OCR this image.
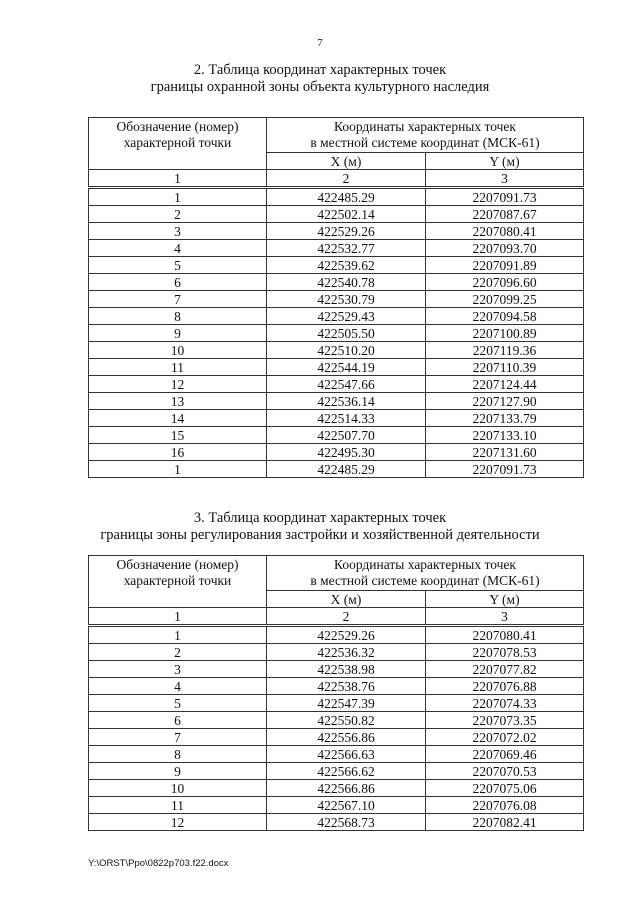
7
2. Таблица координат характерных точек
границы охранной зоны объекта культурного наследия
Обозначение (номер) характерной точки	Координаты характерных точек
в местной системе координат (МСК-61)	

	X (м)	Y (м)
1	2	3
1	422485.29	2207091.73
2	422502.14	2207087.67
3	422529.26	2207080.41
4	422532.77	2207093.70
5	422539.62	2207091.89
6	422540.78	2207096.60
7	422530.79	2207099.25
8	422529.43	2207094.58
9	422505.50	2207100.89
10	422510.20	2207119.36
11	422544.19	2207110.39
12	422547.66	2207124.44
13	422536.14	2207127.90
14	422514.33	2207133.79
15	422507.70	2207133.10
16	422495.30	2207131.60
1	422485.29	2207091.73
3. Таблица координат характерных точек
границы зоны регулирования застройки и хозяйственной деятельности
Обозначение (номер) характерной точки	Координаты характерных точек
в местной системе координат (МСК-61)	

	X (м)	Y (м)
1	2	3
1	422529.26	2207080.41
2	422536.32	2207078.53
3	422538.98	2207077.82
4	422538.76	2207076.88
5	422547.39	2207074.33
6	422550.82	2207073.35
7	422556.86	2207072.02
8	422566.63	2207069.46
9	422566.62	2207070.53
10	422566.86	2207075.06
11	422567.10	2207076.08
12	422568.73	2207082.41
Y:\ORST\Ppo\0822p703.f22.docx
